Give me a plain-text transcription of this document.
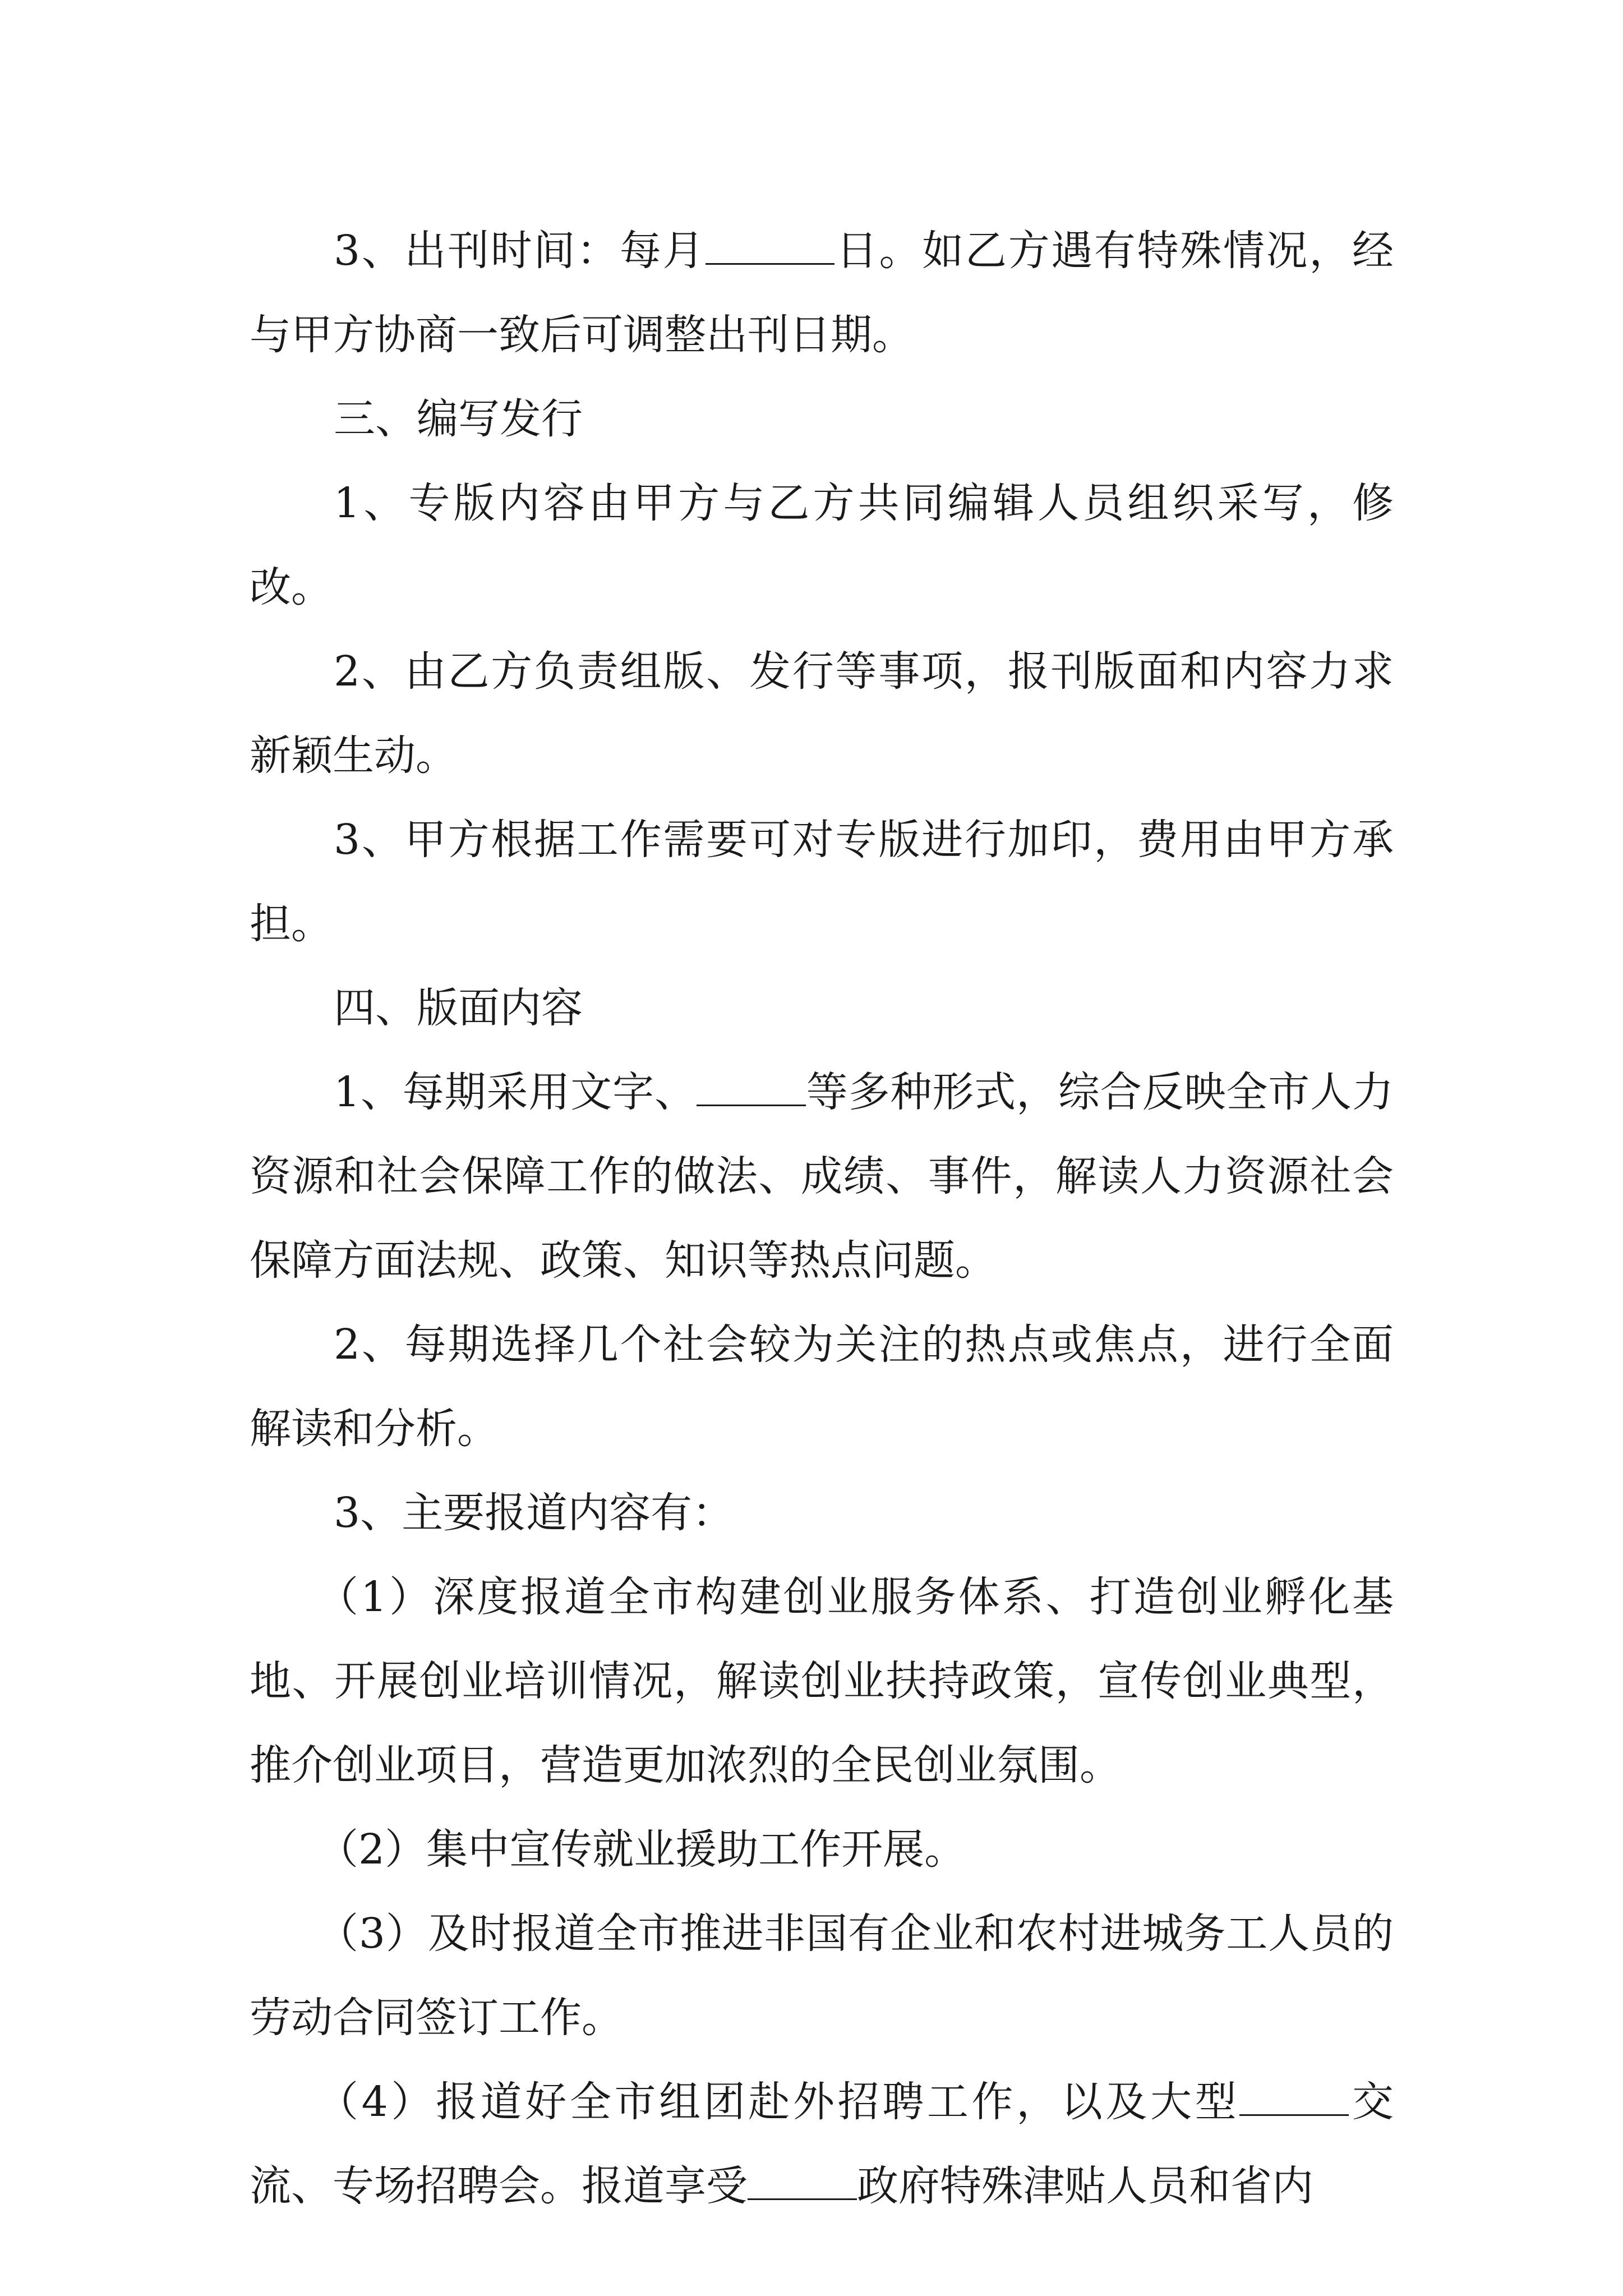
3、出刊时间：每月	日。如乙方遇有特殊情况，经与甲方协商一致后可调整出刊日期。

三、编写发行

1、专版内容由甲方与乙方共同编辑人员组织采写，修改。

2、由乙方负责组版、发行等事项，报刊版面和内容力求新颖生动。

3、甲方根据工作需要可对专版进行加印，费用由甲方承担。

四、版面内容

1、每期采用文字、	等多种形式，综合反映全市人力资源和社会保障工作的做法、成绩、事件，解读人力资源社会保障方面法规、政策、知识等热点问题。

2、每期选择几个社会较为关注的热点或焦点，进行全面解读和分析。

3、主要报道内容有：

（1）深度报道全市构建创业服务体系、打造创业孵化基地、开展创业培训情况，解读创业扶持政策，宣传创业典型，推介创业项目，营造更加浓烈的全民创业氛围。

（2）集中宣传就业援助工作开展。

（3）及时报道全市推进非国有企业和农村进城务工人员的劳动合同签订工作。

（4）报道好全市组团赴外招聘工作，以及大型	交流、专场招聘会。报道享受	政府特殊津贴人员和省内
